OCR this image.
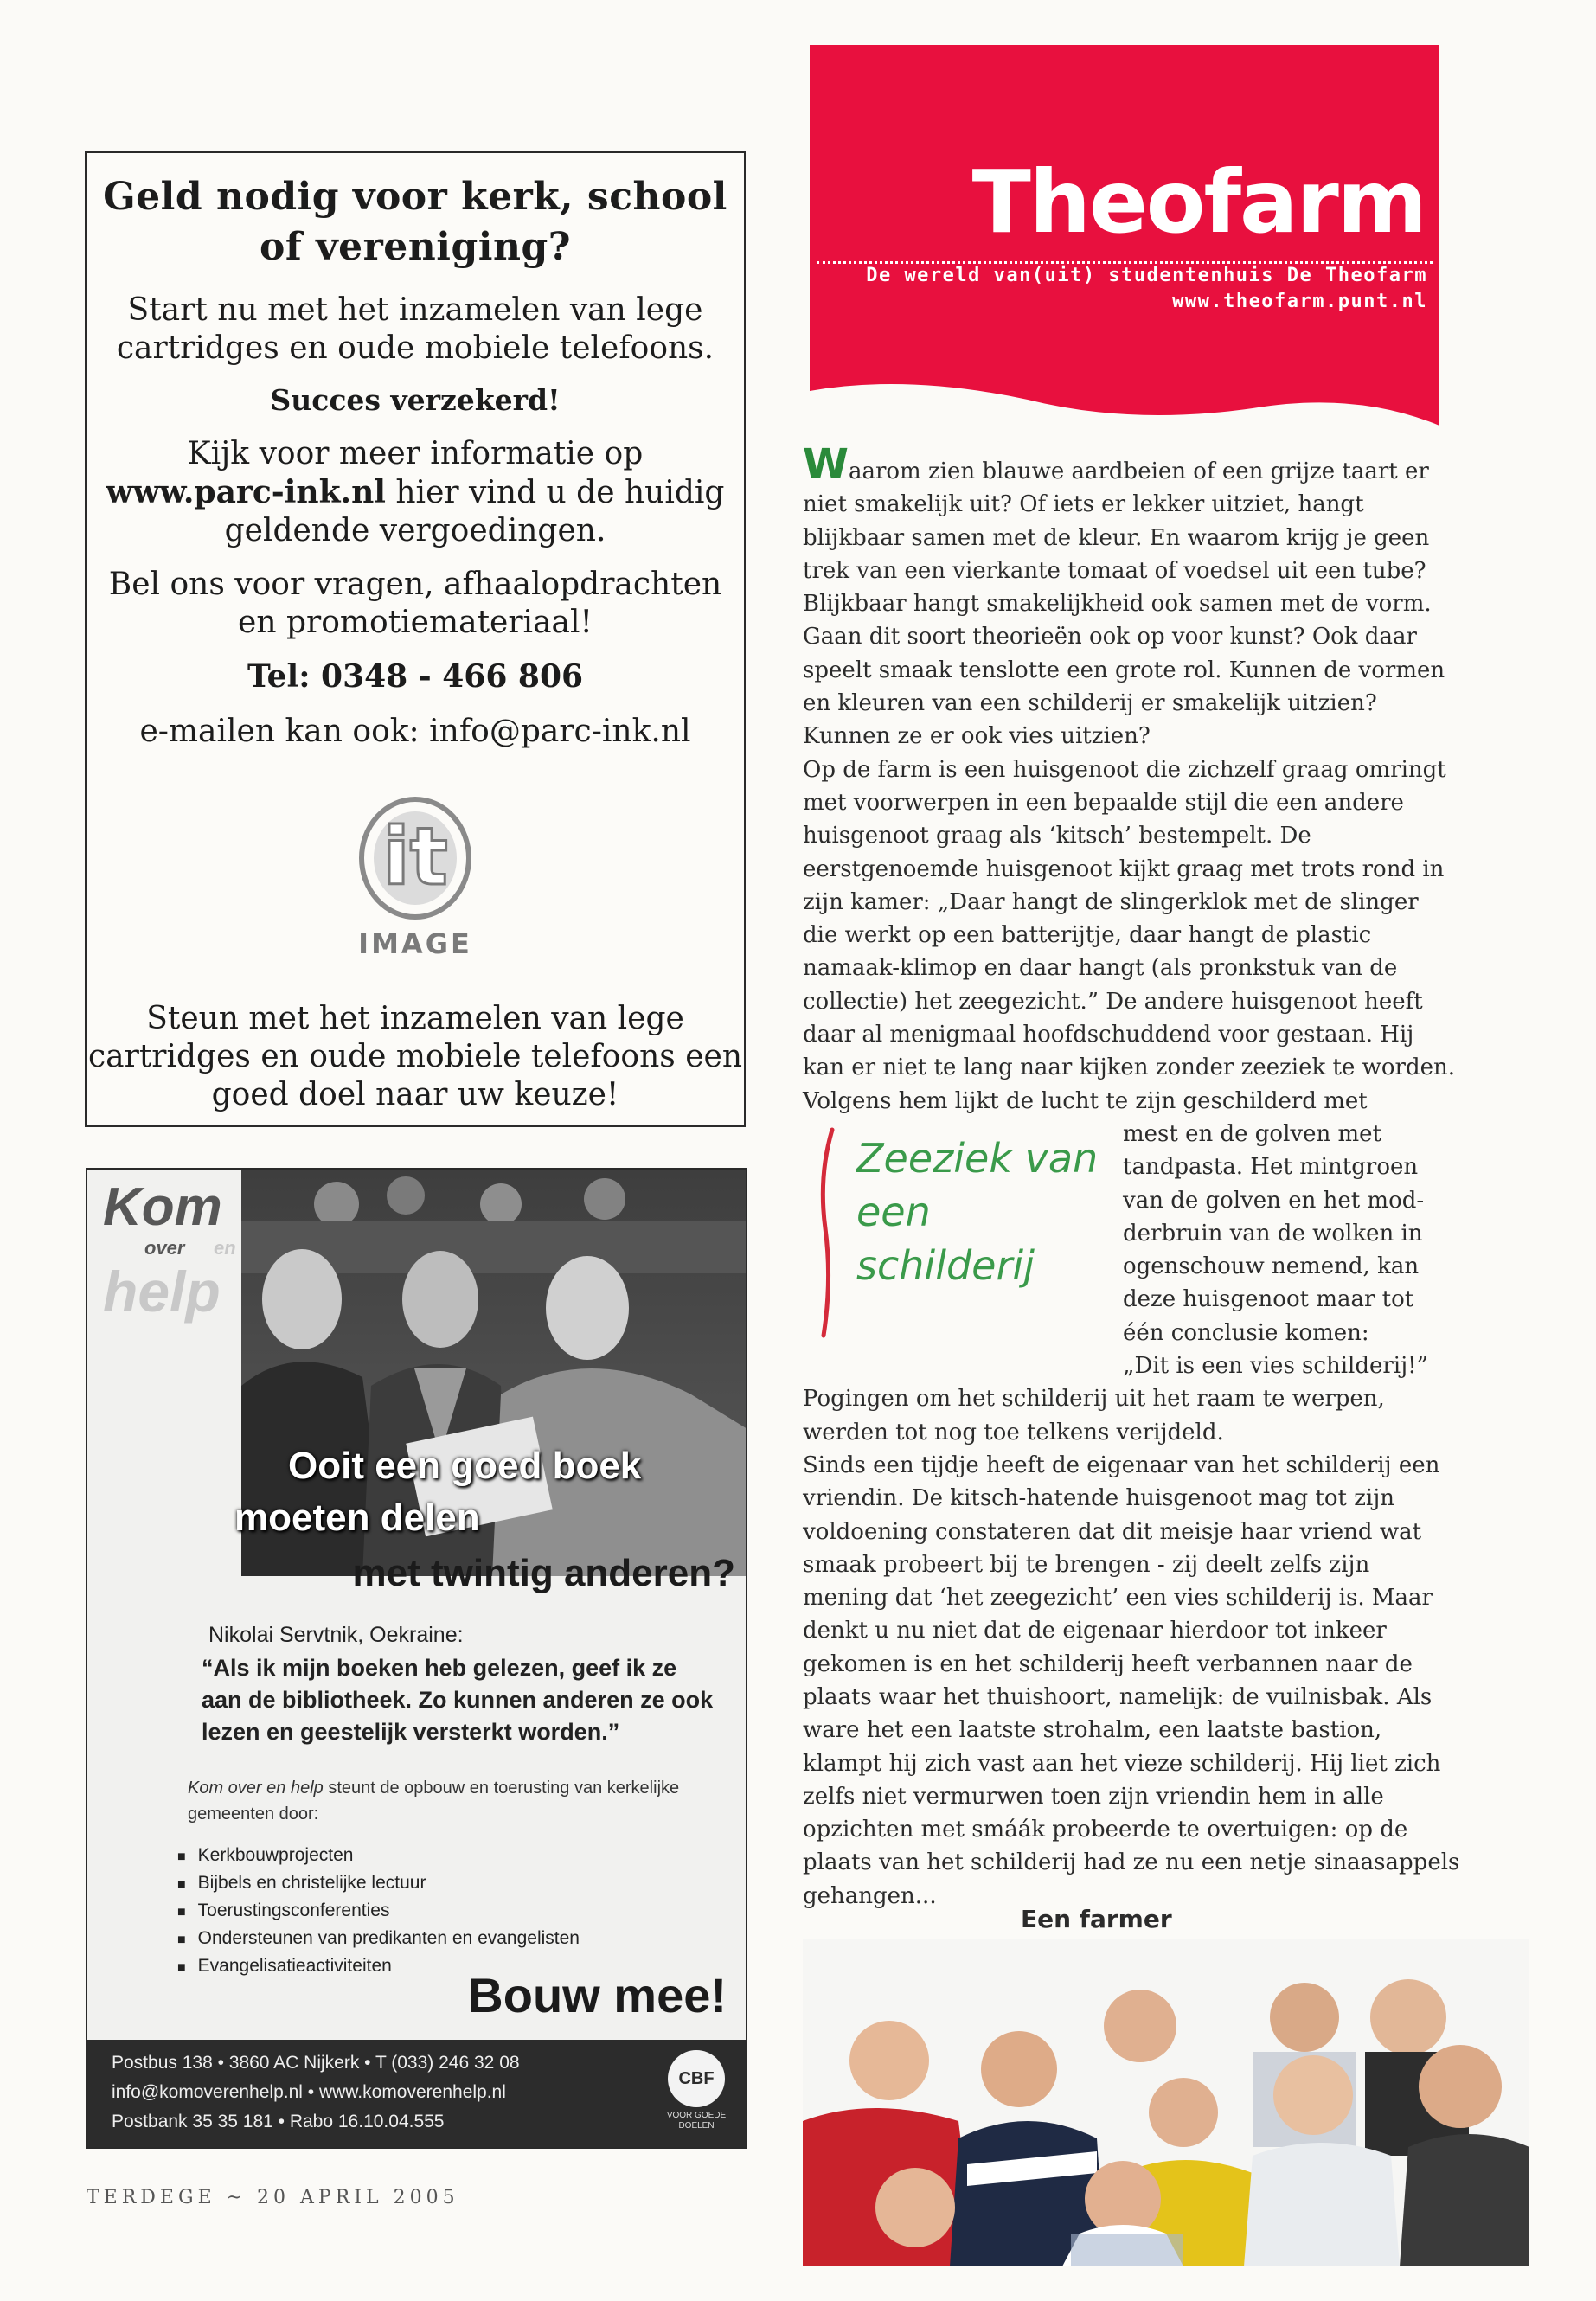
Geld nodig voor kerk, school of vereniging?

Start nu met het inzamelen van lege cartridges en oude mobiele telefoons.

Succes verzekerd!

Kijk voor meer informatie op
www.parc-ink.nl hier vind u de huidig geldende vergoedingen.

Bel ons voor vragen, afhaalopdrachten en promotiemateriaal!

Tel: 0348 - 466 806

e-mailen kan ook: info@parc-ink.nl

it
IMAGE

Steun met het inzamelen van lege cartridges en oude mobiele telefoons een goed doel naar uw keuze!

Kom
over en
help
Ooit een goed boek
moeten delen
met twintig anderen?
Nikolai Servtnik, Oekraine:
“Als ik mijn boeken heb gelezen, geef ik ze aan de bibliotheek. Zo kunnen anderen ze ook lezen en geestelijk versterkt worden.”
Kom over en help steunt de opbouw en toerusting van kerkelijke gemeenten door:
■ Kerkbouwprojecten
■ Bijbels en christelijke lectuur
■ Toerustingsconferenties
■ Ondersteunen van predikanten en evangelisten
■ Evangelisatieactiviteiten
Bouw mee!
Postbus 138 • 3860 AC Nijkerk • T (033) 246 32 08
info@komoverenhelp.nl • www.komoverenhelp.nl
Postbank 35 35 181 • Rabo 16.10.04.555
CBF
VOOR GOEDE DOELEN
Theofarm
De wereld van(uit) studentenhuis De Theofarm
www.theofarm.punt.nl

Waarom zien blauwe aardbeien of een grijze taart er niet smakelijk uit? Of iets er lekker uitziet, hangt blijkbaar samen met de kleur. En waarom krijg je geen trek van een vierkante tomaat of voedsel uit een tube? Blijkbaar hangt smakelijkheid ook samen met de vorm. Gaan dit soort theorieën ook op voor kunst? Ook daar speelt smaak tenslotte een grote rol. Kunnen de vormen en kleuren van een schilderij er smakelijk uitzien? Kunnen ze er ook vies uitzien?

Op de farm is een huisgenoot die zichzelf graag omringt met voorwerpen in een bepaalde stijl die een andere huisgenoot graag als ‘kitsch’ bestempelt. De eerstgenoemde huisgenoot kijkt graag met trots rond in zijn kamer: „Daar hangt de slingerklok met de slinger die werkt op een batterijtje, daar hangt de plastic namaak-klimop en daar hangt (als pronkstuk van de collectie) het zeegezicht.” De andere huisgenoot heeft daar al menigmaal hoofdschuddend voor gestaan. Hij kan er niet te lang naar kijken zonder zeeziek te worden. Volgens hem lijkt de lucht te zijn geschilderd met

mest en de golven met
tandpasta. Het mintgroen
van de golven en het mod-
derbruin van de wolken in
ogenschouw nemend, kan
deze huisgenoot maar tot
één conclusie komen:
„Dit is een vies schilderij!”

Pogingen om het schilderij uit het raam te werpen, werden tot nog toe telkens verijdeld.

Sinds een tijdje heeft de eigenaar van het schilderij een vriendin. De kitsch-hatende huisgenoot mag tot zijn voldoening constateren dat dit meisje haar vriend wat smaak probeert bij te brengen - zij deelt zelfs zijn mening dat ‘het zeegezicht’ een vies schilderij is. Maar denkt u nu niet dat de eigenaar hierdoor tot inkeer gekomen is en het schilderij heeft verbannen naar de plaats waar het thuishoort, namelijk: de vuilnisbak. Als ware het een laatste strohalm, een laatste bastion, klampt hij zich vast aan het vieze schilderij. Hij liet zich zelfs niet vermurwen toen zijn vriendin hem in alle opzichten met smáák probeerde te overtuigen: op de plaats van het schilderij had ze nu een netje sinaasappels gehangen...

Zeeziek van
een schilderij
Een farmer
TERDEGE ~ 20 APRIL 2005
